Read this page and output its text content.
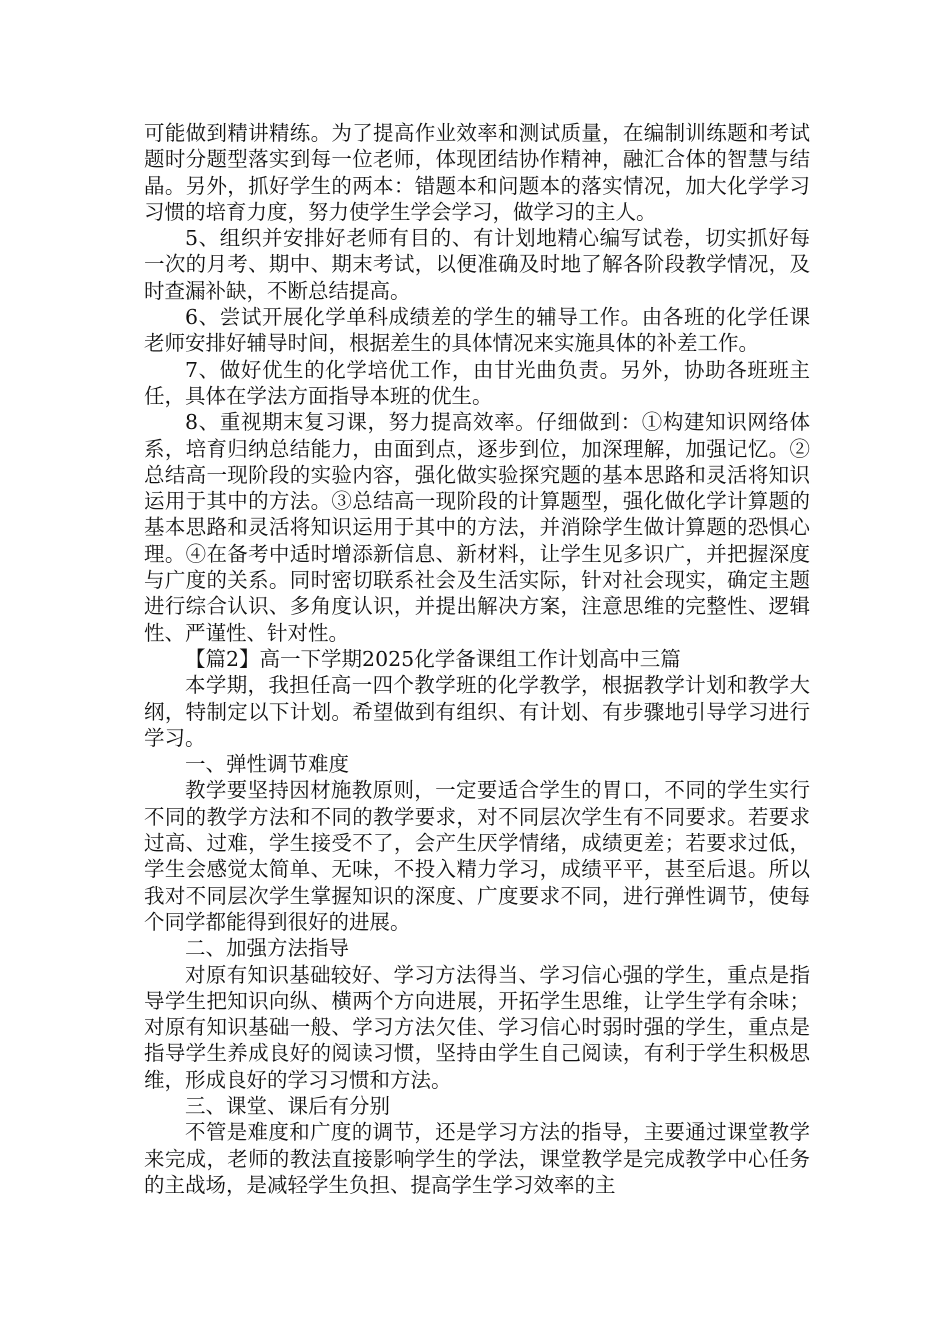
可能做到精讲精练。为了提高作业效率和测试质量，在编制训练题和考试题时分题型落实到每一位老师，体现团结协作精神，融汇合体的智慧与结晶。另外，抓好学生的两本：错题本和问题本的落实情况，加大化学学习习惯的培育力度，努力使学生学会学习，做学习的主人。

5、组织并安排好老师有目的、有计划地精心编写试卷，切实抓好每一次的月考、期中、期末考试，以便准确及时地了解各阶段教学情况，及时查漏补缺，不断总结提高。

6、尝试开展化学单科成绩差的学生的辅导工作。由各班的化学任课老师安排好辅导时间，根据差生的具体情况来实施具体的补差工作。

7、做好优生的化学培优工作，由甘光曲负责。另外，协助各班班主任，具体在学法方面指导本班的优生。

8、重视期末复习课，努力提高效率。仔细做到：①构建知识网络体系，培育归纳总结能力，由面到点，逐步到位，加深理解，加强记忆。②总结高一现阶段的实验内容，强化做实验探究题的基本思路和灵活将知识运用于其中的方法。③总结高一现阶段的计算题型，强化做化学计算题的基本思路和灵活将知识运用于其中的方法，并消除学生做计算题的恐惧心理。④在备考中适时增添新信息、新材料，让学生见多识广，并把握深度与广度的关系。同时密切联系社会及生活实际，针对社会现实，确定主题进行综合认识、多角度认识，并提出解决方案，注意思维的完整性、逻辑性、严谨性、针对性。

【篇2】高一下学期2025化学备课组工作计划高中三篇

本学期，我担任高一四个教学班的化学教学，根据教学计划和教学大纲，特制定以下计划。希望做到有组织、有计划、有步骤地引导学习进行学习。

一、弹性调节难度

教学要坚持因材施教原则，一定要适合学生的胃口，不同的学生实行不同的教学方法和不同的教学要求，对不同层次学生有不同要求。若要求过高、过难，学生接受不了，会产生厌学情绪，成绩更差；若要求过低，学生会感觉太简单、无味，不投入精力学习，成绩平平，甚至后退。所以我对不同层次学生掌握知识的深度、广度要求不同，进行弹性调节，使每个同学都能得到很好的进展。

二、加强方法指导

对原有知识基础较好、学习方法得当、学习信心强的学生，重点是指导学生把知识向纵、横两个方向进展，开拓学生思维，让学生学有余味；对原有知识基础一般、学习方法欠佳、学习信心时弱时强的学生，重点是指导学生养成良好的阅读习惯，坚持由学生自己阅读，有利于学生积极思维，形成良好的学习习惯和方法。

三、课堂、课后有分别

不管是难度和广度的调节，还是学习方法的指导，主要通过课堂教学来完成，老师的教法直接影响学生的学法，课堂教学是完成教学中心任务的主战场，是减轻学生负担、提高学生学习效率的主
